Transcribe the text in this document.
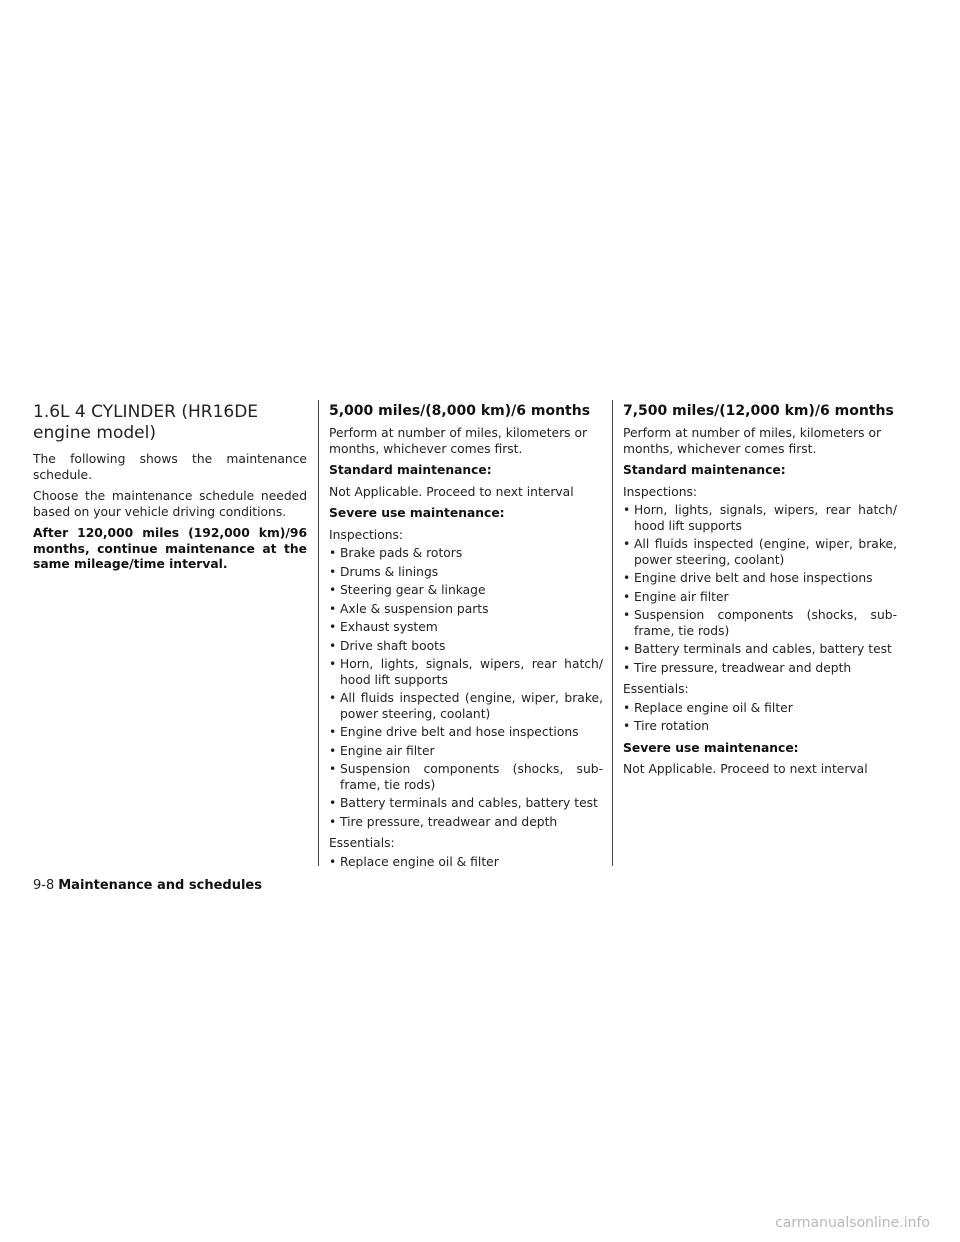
1.6L 4 CYLINDER (HR16DE engine model)

The following shows the maintenance schedule.

Choose the maintenance schedule needed based on your vehicle driving conditions.

After 120,000 miles (192,000 km)/96 months, continue maintenance at the same mileage/time interval.

5,000 miles/(8,000 km)/6 months

Perform at number of miles, kilometers or months, whichever comes first.

Standard maintenance:

Not Applicable. Proceed to next interval

Severe use maintenance:

Inspections:
• Brake pads & rotors
• Drums & linings
• Steering gear & linkage
• Axle & suspension parts
• Exhaust system
• Drive shaft boots
• Horn, lights, signals, wipers, rear hatch/ hood lift supports
• All fluids inspected (engine, wiper, brake, power steering, coolant)
• Engine drive belt and hose inspections
• Engine air filter
• Suspension components (shocks, sub- frame, tie rods)
• Battery terminals and cables, battery test
• Tire pressure, treadwear and depth
Essentials:
• Replace engine oil & filter
7,500 miles/(12,000 km)/6 months

Perform at number of miles, kilometers or months, whichever comes first.

Standard maintenance:

Inspections:
• Horn, lights, signals, wipers, rear hatch/ hood lift supports
• All fluids inspected (engine, wiper, brake, power steering, coolant)
• Engine drive belt and hose inspections
• Engine air filter
• Suspension components (shocks, sub- frame, tie rods)
• Battery terminals and cables, battery test
• Tire pressure, treadwear and depth
Essentials:
• Replace engine oil & filter
• Tire rotation

Severe use maintenance:

Not Applicable. Proceed to next interval

9-8 Maintenance and schedules
carmanualsonline.info
